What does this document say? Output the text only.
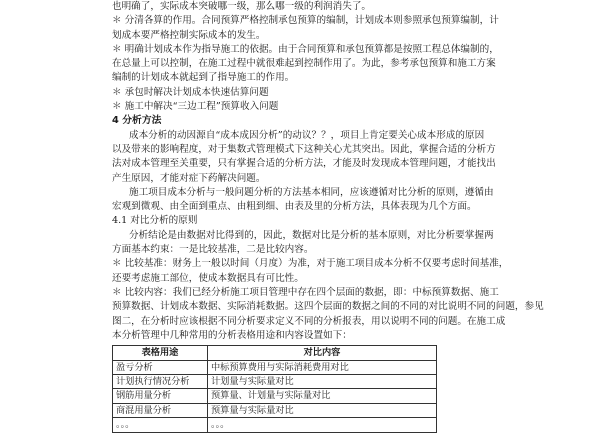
也明确了，实际成本突破哪一级，那么哪一级的利润消失了。
＊ 分清各算的作用。合同预算严格控制承包预算的编制，计划成本则参照承包预算编制，计
划成本要严格控制实际成本的发生。
＊ 明确计划成本作为指导施工的依据。由于合同预算和承包预算都是按照工程总体编制的，
在总量上可以控制，在施工过程中就很难起到控制作用了。为此，参考承包预算和施工方案
编制的计划成本就起到了指导施工的作用。
＊ 承包时解决计划成本快速估算问题
＊ 施工中解决“三边工程”预算收入问题
4 分析方法
成本分析的动因源自“成本成因分析”的动议？？，项目上肯定要关心成本形成的原因
以及带来的影响程度，对于集数式管理模式下这种关心尤其突出。因此，掌握合适的分析方
法对成本管理至关重要，只有掌握合适的分析方法，才能及时发现成本管理问题，才能找出
产生原因，才能对症下药解决问题。
施工项目成本分析与一般问题分析的方法基本相同，应该遵循对比分析的原则，遵循由
宏观到微观、由全面到重点、由粗到细、由表及里的分析方法，具体表现为几个方面。
4.1 对比分析的原则
分析结论是由数据对比得到的，因此，数据对比是分析的基本原则，对比分析要掌握两
方面基本约束：一是比较基准，二是比较内容。
＊ 比较基准：财务上一般以时间（月度）为准，对于施工项目成本分析不仅要考虑时间基准，
还要考虑施工部位，使成本数据具有可比性。
＊ 比较内容：我们已经分析施工项目管理中存在四个层面的数据，即：中标预算数据、施工
预算数据、计划成本数据、实际消耗数据。这四个层面的数据之间的不同的对比说明不同的问题，参见
图二，在分析时应该根据不同分析要求定义不同的分析报表，用以说明不同的问题。在施工成
本分析管理中几种常用的分析表格用途和内容设置如下：
表格用途	对比内容
盈亏分析	中标预算费用与实际消耗费用对比
计划执行情况分析	计划量与实际量对比
钢筋用量分析	预算量、计划量与实际量对比
商混用量分析	预算量与实际量对比
。。。	。。。
